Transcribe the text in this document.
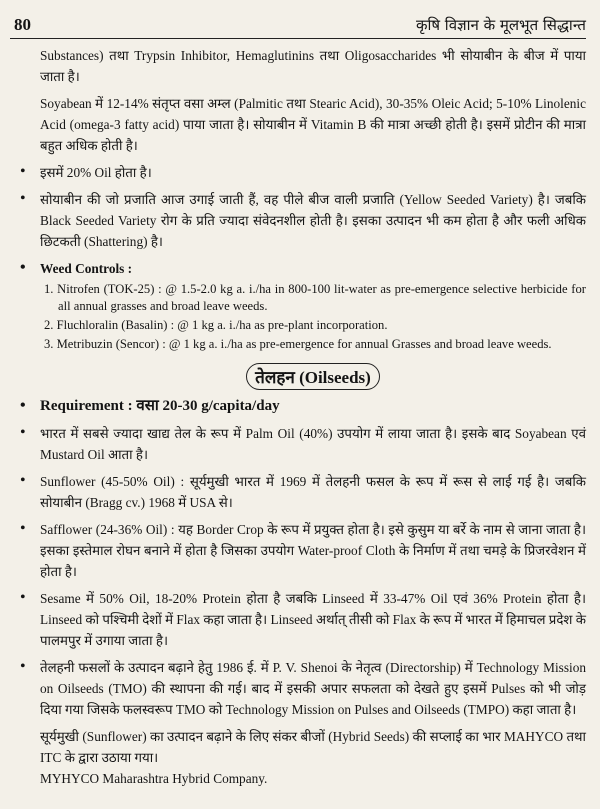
80	कृषि विज्ञान के मूलभूत सिद्धान्त

Substances) तथा Trypsin Inhibitor, Hemaglutinins तथा Oligosaccharides भी सोयाबीन के बीज में पाया जाता है।

Soyabean में 12-14% संतृप्त वसा अम्ल (Palmitic तथा Stearic Acid), 30-35% Oleic Acid; 5-10% Linolenic Acid (omega-3 fatty acid) पाया जाता है। सोयाबीन में Vitamin B की मात्रा अच्छी होती है। इसमें प्रोटीन की मात्रा बहुत अधिक होती है।

• इसमें 20% Oil होता है।

• सोयाबीन की जो प्रजाति आज उगाई जाती हैं, वह पीले बीज वाली प्रजाति (Yellow Seeded Variety) है। जबकि Black Seeded Variety रोग के प्रति ज्यादा संवेदनशील होती है। इसका उत्पादन भी कम होता है और फली अधिक छिटकती (Shattering) है।

• Weed Controls :

1. Nitrofen (TOK-25) : @ 1.5-2.0 kg a. i./ha in 800-100 lit-water as pre-emergence selective herbicide for all annual grasses and broad leave weeds.

2. Fluchloralin (Basalin) : @ 1 kg a. i./ha as pre-plant incorporation.

3. Metribuzin (Sencor) : @ 1 kg a. i./ha as pre-emergence for annual Grasses and broad leave weeds.

तेलहन (Oilseeds)

• Requirement : वसा 20-30 g/capita/day

• भारत में सबसे ज्यादा खाद्य तेल के रूप में Palm Oil (40%) उपयोग में लाया जाता है। इसके बाद Soyabean एवं Mustard Oil आता है।

• Sunflower (45-50% Oil) : सूर्यमुखी भारत में 1969 में तेलहनी फसल के रूप में रूस से लाई गई है। जबकि सोयाबीन (Bragg cv.) 1968 में USA से।

• Safflower (24-36% Oil) : यह Border Crop के रूप में प्रयुक्त होता है। इसे कुसुम या बर्रे के नाम से जाना जाता है। इसका इस्तेमाल रोघन बनाने में होता है जिसका उपयोग Water-proof Cloth के निर्माण में तथा चमड़े के प्रिजरवेशन में होता है।

• Sesame में 50% Oil, 18-20% Protein होता है जबकि Linseed में 33-47% Oil एवं 36% Protein होता है। Linseed को पश्चिमी देशों में Flax कहा जाता है। Linseed अर्थात् तीसी को Flax के रूप में भारत में हिमाचल प्रदेश के पालमपुर में उगाया जाता है।

• तेलहनी फसलों के उत्पादन बढ़ाने हेतु 1986 ई. में P. V. Shenoi के नेतृत्व (Directorship) में Technology Mission on Oilseeds (TMO) की स्थापना की गई। बाद में इसकी अपार सफलता को देखते हुए इसमें Pulses को भी जोड़ दिया गया जिसके फलस्वरूप TMO को Technology Mission on Pulses and Oilseeds (TMPO) कहा जाता है।

सूर्यमुखी (Sunflower) का उत्पादन बढ़ाने के लिए संकर बीजों (Hybrid Seeds) की सप्लाई का भार MAHYCO तथा ITC के द्वारा उठाया गया।

MYHYCO Maharashtra Hybrid Company.
